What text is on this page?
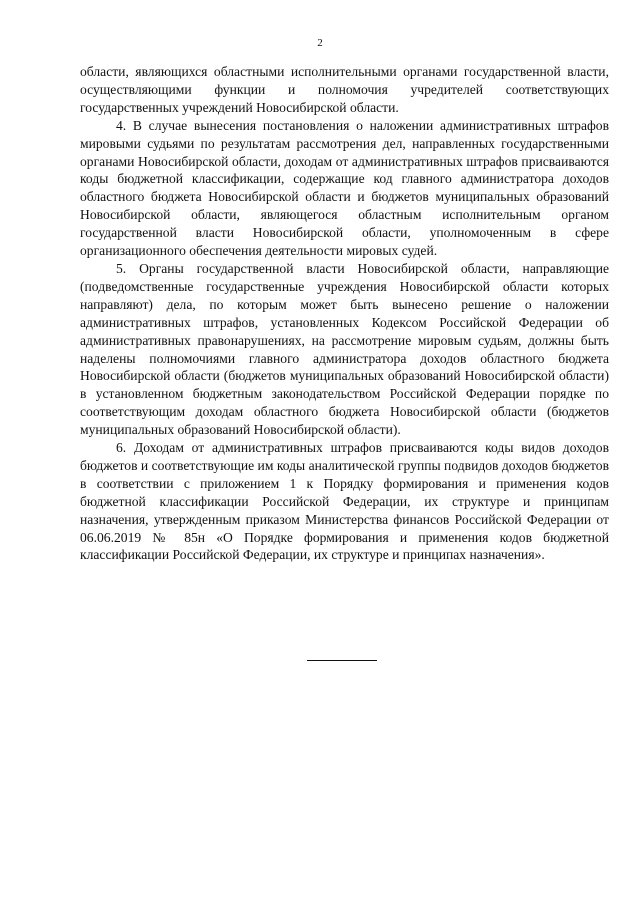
2

области, являющихся областными исполнительными органами государственной власти, осуществляющими функции и полномочия учредителей соответствующих государственных учреждений Новосибирской области.

4. В случае вынесения постановления о наложении административных штрафов мировыми судьями по результатам рассмотрения дел, направленных государственными органами Новосибирской области, доходам от административных штрафов присваиваются коды бюджетной классификации, содержащие код главного администратора доходов областного бюджета Новосибирской области и бюджетов муниципальных образований Новосибирской области, являющегося областным исполнительным органом государственной власти Новосибирской области, уполномоченным в сфере организационного обеспечения деятельности мировых судей.

5. Органы государственной власти Новосибирской области, направляющие (подведомственные государственные учреждения Новосибирской области которых направляют) дела, по которым может быть вынесено решение о наложении административных штрафов, установленных Кодексом Российской Федерации об административных правонарушениях, на рассмотрение мировым судьям, должны быть наделены полномочиями главного администратора доходов областного бюджета Новосибирской области (бюджетов муниципальных образований Новосибирской области) в установленном бюджетным законодательством Российской Федерации порядке по соответствующим доходам областного бюджета Новосибирской области (бюджетов муниципальных образований Новосибирской области).

6. Доходам от административных штрафов присваиваются коды видов доходов бюджетов и соответствующие им коды аналитической группы подвидов доходов бюджетов в соответствии с приложением 1 к Порядку формирования и применения кодов бюджетной классификации Российской Федерации, их структуре и принципам назначения, утвержденным приказом Министерства финансов Российской Федерации от 06.06.2019 № 85н «О Порядке формирования и применения кодов бюджетной классификации Российской Федерации, их структуре и принципах назначения».
